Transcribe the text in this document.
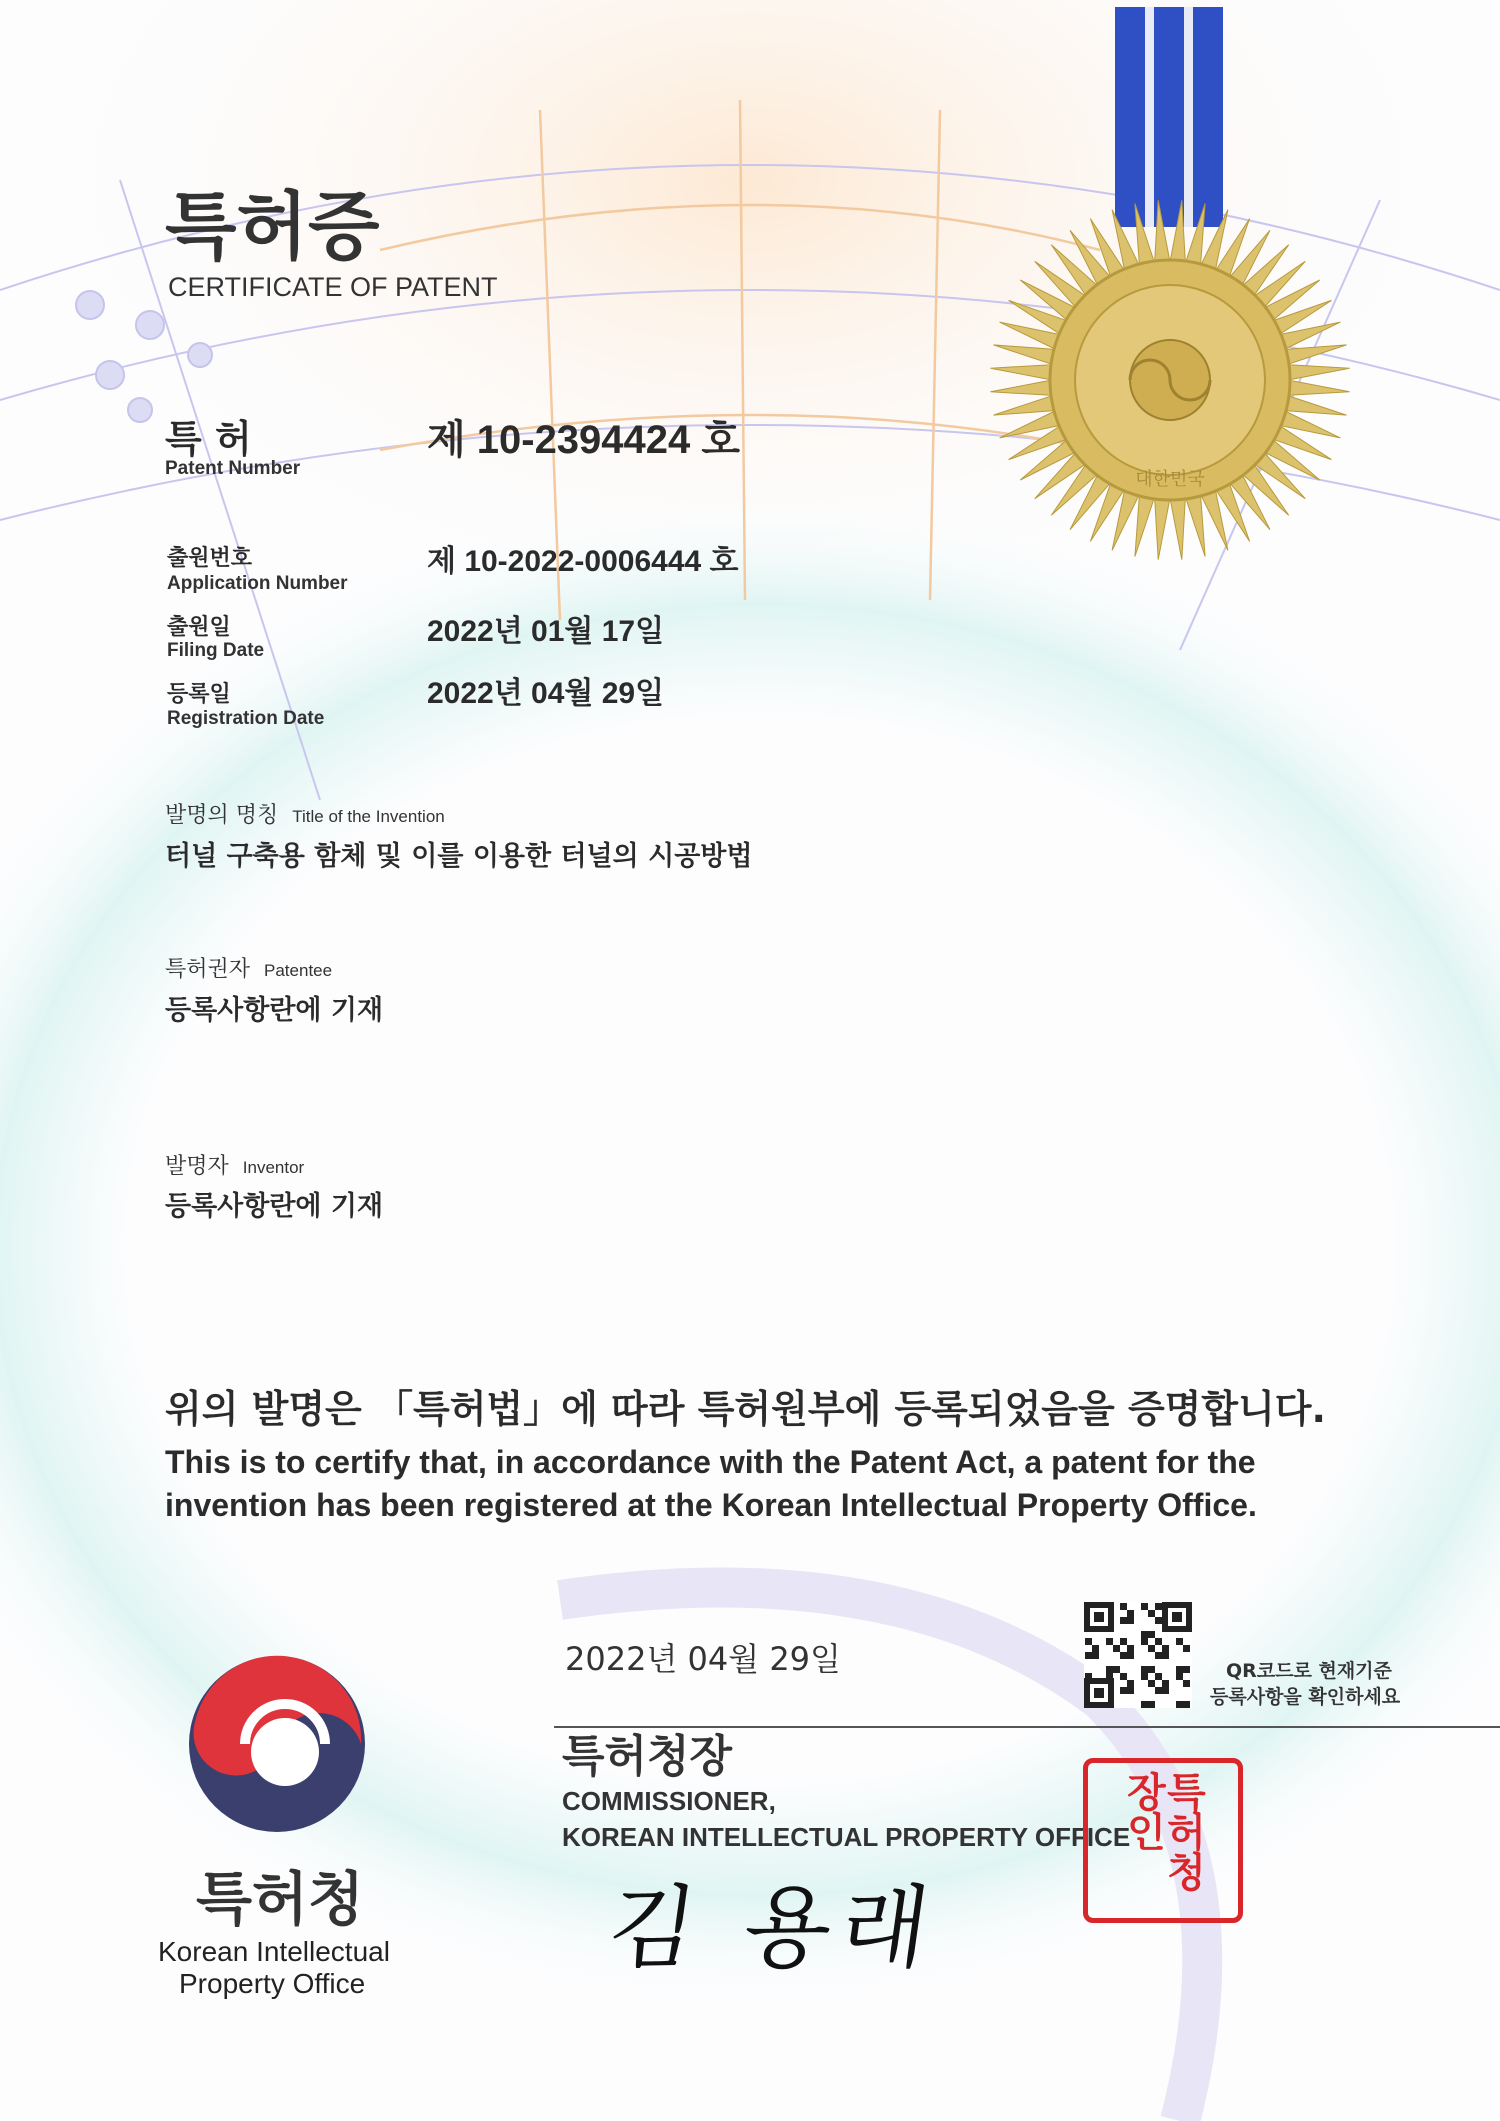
대한민국
특허증
CERTIFICATE OF PATENT
특 허
Patent Number
제 10-2394424 호
출원번호
Application Number
제 10-2022-0006444 호
출원일
Filing Date
2022년 01월 17일
등록일
Registration Date
2022년 04월 29일
발명의 명칭 Title of the Invention
터널 구축용 함체 및 이를 이용한 터널의 시공방법
특허권자 Patentee
등록사항란에 기재
발명자 Inventor
등록사항란에 기재
위의 발명은 「특허법」에 따라 특허원부에 등록되었음을 증명합니다.
This is to certify that, in accordance with the Patent Act, a patent for the
invention has been registered at the Korean Intellectual Property Office.
2022년 04월 29일
특허청장
COMMISSIONER,
KOREAN INTELLECTUAL PROPERTY OFFICE
김 용래
QR코드로 현재기준
등록사항을 확인하세요
특허청장인
특허청
Korean Intellectual
Property Office
